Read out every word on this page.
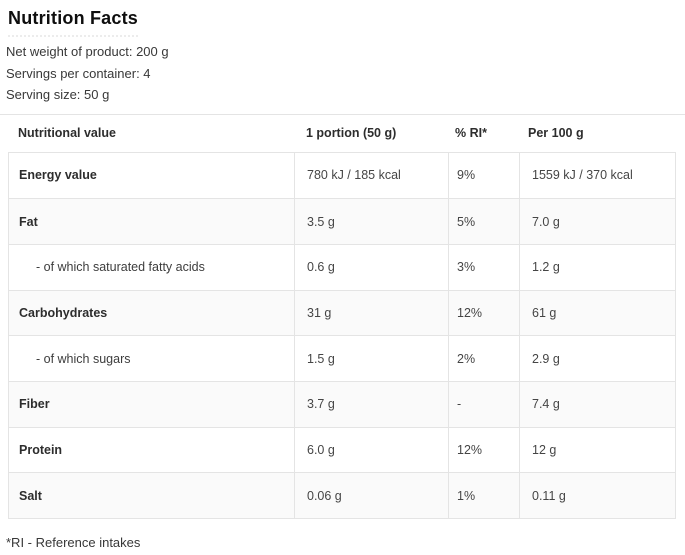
Nutrition Facts
Net weight of product: 200 g
Servings per container: 4
Serving size: 50 g
Nutritional value	1 portion (50 g)	% RI*	Per 100 g
Energy value	780 kJ / 185 kcal	9%	1559 kJ / 370 kcal
Fat	3.5 g	5%	7.0 g
- of which saturated fatty acids	0.6 g	3%	1.2 g
Carbohydrates	31 g	12%	61 g
- of which sugars	1.5 g	2%	2.9 g
Fiber	3.7 g	-	7.4 g
Protein	6.0 g	12%	12 g
Salt	0.06 g	1%	0.11 g
*RI - Reference intakes
